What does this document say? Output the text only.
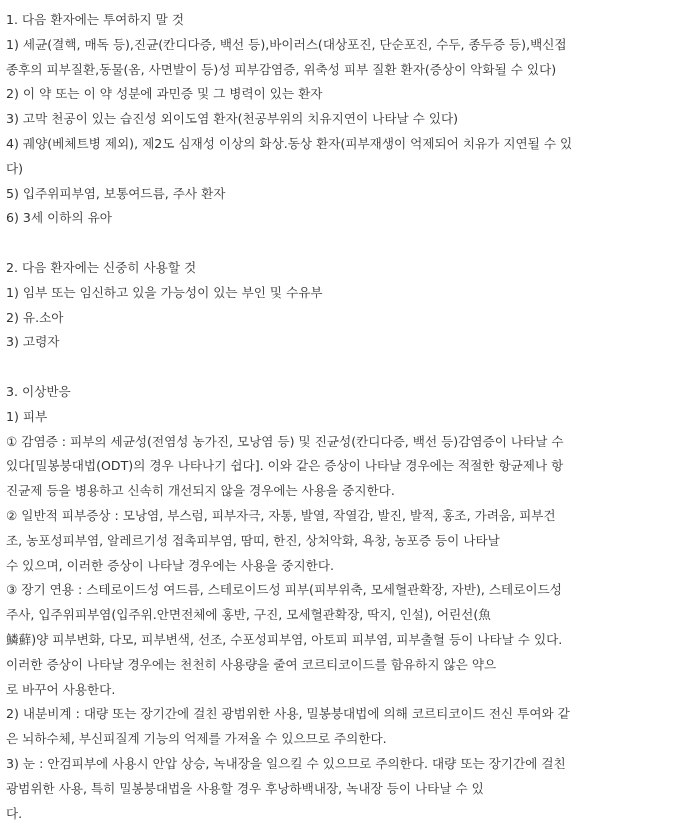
1. 다음 환자에는 투여하지 말 것
1) 세균(결핵, 매독 등),진균(칸디다증, 백선 등),바이러스(대상포진, 단순포진, 수두, 종두증 등),백신접
종후의 피부질환,동물(옴, 사면발이 등)성 피부감염증, 위축성 피부 질환 환자(증상이 악화될 수 있다)
2) 이 약 또는 이 약 성분에 과민증 및 그 병력이 있는 환자
3) 고막 천공이 있는 습진성 외이도염 환자(천공부위의 치유지연이 나타날 수 있다)
4) 궤양(베체트병 제외), 제2도 심재성 이상의 화상.동상 환자(피부재생이 억제되어 치유가 지연될 수 있
다)
5) 입주위피부염, 보통여드름, 주사 환자
6) 3세 이하의 유아
2. 다음 환자에는 신중히 사용할 것
1) 임부 또는 임신하고 있을 가능성이 있는 부인 및 수유부
2) 유.소아
3) 고령자
3. 이상반응
1) 피부
① 감염증 : 피부의 세균성(전염성 농가진, 모낭염 등) 및 진균성(칸디다증, 백선 등)감염증이 나타날 수
있다[밀봉붕대법(ODT)의 경우 나타나기 쉽다]. 이와 같은 증상이 나타날 경우에는 적절한 항균제나 항
진균제 등을 병용하고 신속히 개선되지 않을 경우에는 사용을 중지한다.
② 일반적 피부증상 : 모낭염, 부스럼, 피부자극, 자통, 발열, 작열감, 발진, 발적, 홍조, 가려움, 피부건
조, 농포성피부염, 알레르기성 접촉피부염, 땀띠, 한진, 상처악화, 욕창, 농포증 등이 나타날
수 있으며, 이러한 증상이 나타날 경우에는 사용을 중지한다.
③ 장기 연용 : 스테로이드성 여드름, 스테로이드성 피부(피부위축, 모세혈관확장, 자반), 스테로이드성
주사, 입주위피부염(입주위.안면전체에 홍반, 구진, 모세혈관확장, 딱지, 인설), 어린선(魚
鱗蘚)양 피부변화, 다모, 피부변색, 선조, 수포성피부염, 아토피 피부염, 피부출혈 등이 나타날 수 있다.
이러한 증상이 나타날 경우에는 천천히 사용량을 줄여 코르티코이드를 함유하지 않은 약으
로 바꾸어 사용한다.
2) 내분비계 : 대량 또는 장기간에 걸친 광범위한 사용, 밀봉붕대법에 의해 코르티코이드 전신 투여와 같
은 뇌하수체, 부신피질계 기능의 억제를 가져올 수 있으므로 주의한다.
3) 눈 : 안검피부에 사용시 안압 상승, 녹내장을 일으킬 수 있으므로 주의한다. 대량 또는 장기간에 걸친
광범위한 사용, 특히 밀봉붕대법을 사용할 경우 후낭하백내장, 녹내장 등이 나타날 수 있
다.
